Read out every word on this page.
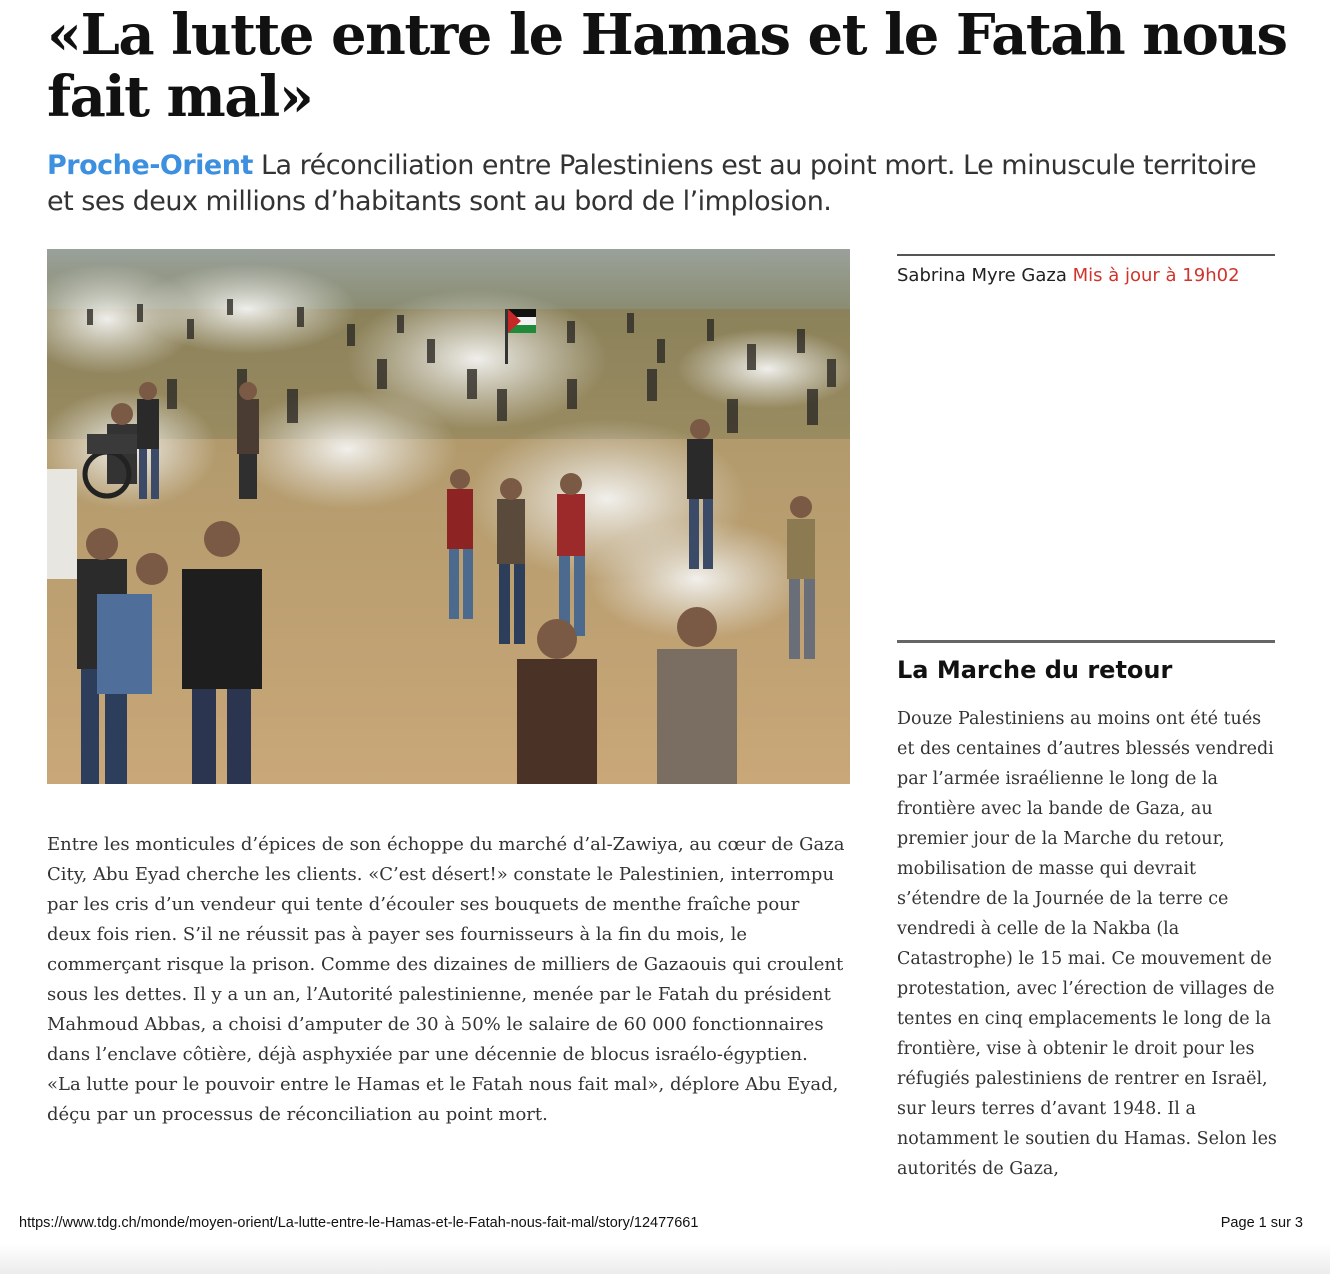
«La lutte entre le Hamas et le Fatah nous fait mal»

Proche-Orient La réconciliation entre Palestiniens est au point mort. Le minuscule territoire et ses deux millions d’habitants sont au bord de l’implosion.

Entre les monticules d’épices de son échoppe du marché d’al-Zawiya, au cœur de Gaza City, Abu Eyad cherche les clients. «C’est désert!» constate le Palestinien, interrompu par les cris d’un vendeur qui tente d’écouler ses bouquets de menthe fraîche pour deux fois rien. S’il ne réussit pas à payer ses fournisseurs à la fin du mois, le commerçant risque la prison. Comme des dizaines de milliers de Gazaouis qui croulent sous les dettes. Il y a un an, l’Autorité palestinienne, menée par le Fatah du président Mahmoud Abbas, a choisi d’amputer de 30 à 50% le salaire de 60 000 fonctionnaires dans l’enclave côtière, déjà asphyxiée par une décennie de blocus israélo-égyptien. «La lutte pour le pouvoir entre le Hamas et le Fatah nous fait mal», déplore Abu Eyad, déçu par un processus de réconciliation au point mort.

Sabrina Myre Gaza Mis à jour à 19h02
La Marche du retour

Douze Palestiniens au moins ont été tués et des centaines d’autres blessés vendredi par l’armée israélienne le long de la frontière avec la bande de Gaza, au premier jour de la Marche du retour, mobilisation de masse qui devrait s’étendre de la Journée de la terre ce vendredi à celle de la Nakba (la Catastrophe) le 15 mai. Ce mouvement de protestation, avec l’érection de villages de tentes en cinq emplacements le long de la frontière, vise à obtenir le droit pour les réfugiés palestiniens de rentrer en Israël, sur leurs terres d’avant 1948. Il a notamment le soutien du Hamas. Selon les autorités de Gaza,

https://www.tdg.ch/monde/moyen-orient/La-lutte-entre-le-Hamas-et-le-Fatah-nous-fait-mal/story/12477661	Page 1 sur 3
